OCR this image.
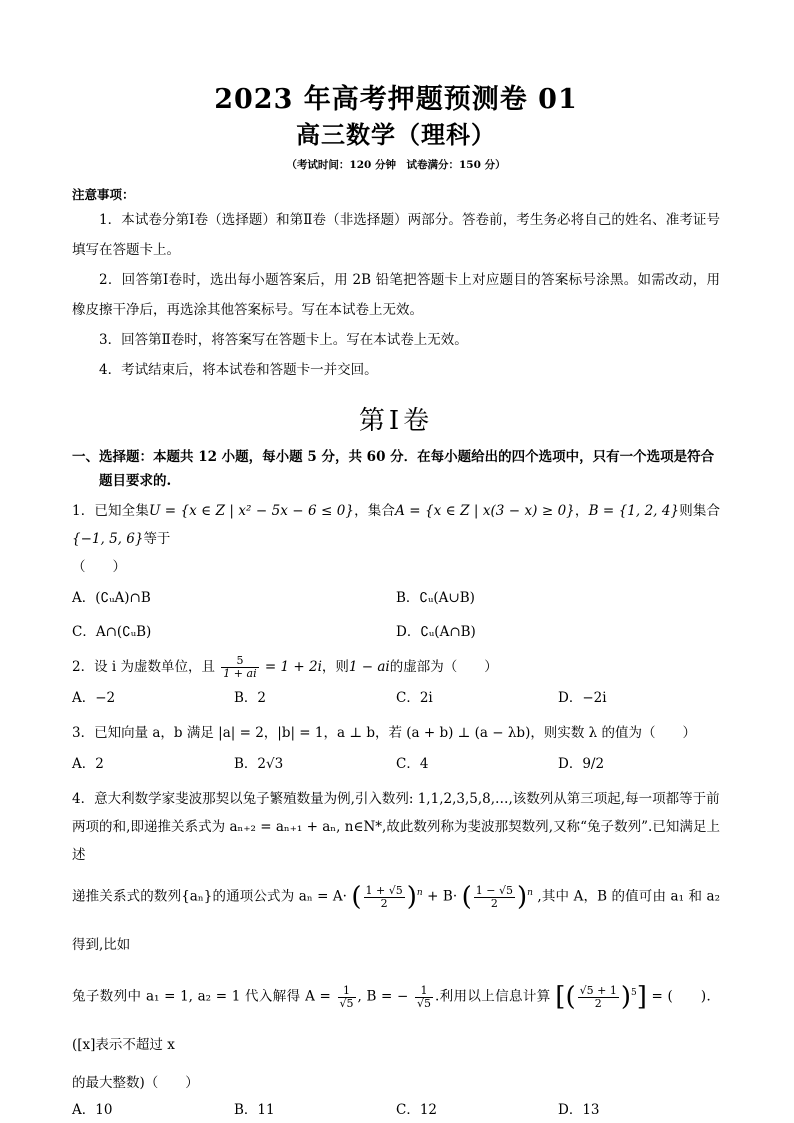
2023 年高考押题预测卷 01
高三数学（理科）
（考试时间：120 分钟　试卷满分：150 分）
注意事项：
1．本试卷分第Ⅰ卷（选择题）和第Ⅱ卷（非选择题）两部分。答卷前，考生务必将自己的姓名、准考证号填写在答题卡上。
2．回答第Ⅰ卷时，选出每小题答案后，用 2B 铅笔把答题卡上对应题目的答案标号涂黑。如需改动，用橡皮擦干净后，再选涂其他答案标号。写在本试卷上无效。
3．回答第Ⅱ卷时，将答案写在答题卡上。写在本试卷上无效。
4．考试结束后，将本试卷和答题卡一并交回。
第Ⅰ卷
一、选择题：本题共 12 小题，每小题 5 分，共 60 分．在每小题给出的四个选项中，只有一个选项是符合题目要求的.
1．已知全集U = {x ∈ Z | x² − 5x − 6 ≤ 0}，集合A = {x ∈ Z | x(3 − x) ≥ 0}，B = {1, 2, 4}则集合{−1, 5, 6}等于
（　　）
A．(∁ᵤA)∩B	B．∁ᵤ(A∪B)
C．A∩(∁ᵤB)	D．∁ᵤ(A∩B)
2．设 i 为虚数单位，且 $\frac{5}{1 + ai} = 1 + 2i$，则1 − ai的虚部为（　　）
A．−2	B．2	C．2i	D．−2i
3．已知向量 a，b 满足 |a| = 2，|b| = 1，a ⊥ b，若 (a + b) ⊥ (a − λb)，则实数 λ 的值为（　　）
A．2	B．2√3	C．4	D．9/2
4．意大利数学家斐波那契以兔子繁殖数量为例,引入数列: 1,1,2,3,5,8,…,该数列从第三项起,每一项都等于前
两项的和,即递推关系式为 aₙ₊₂ = aₙ₊₁ + aₙ, n∈N*,故此数列称为斐波那契数列,又称“兔子数列”.已知满足上述
递推关系式的数列{aₙ}的通项公式为 aₙ = A· ( $\frac{1 + √5}{2} )^n + B\cdot$ ( $\frac{1 - √5}{2} )^n$ ,其中 A，B 的值可由 a₁ 和 a₂ 得到,比如
兔子数列中 a₁ = 1, a₂ = 1 代入解得 $A = \frac{1}{√5}$ , B = − $\frac{1}{√5}$ .利用以上信息计算 [( $\frac{√5 + 1}{2} )^5$] = (　　)．([x]表示不超过 x
的最大整数)（　　）
A．10	B．11	C．12	D．13
